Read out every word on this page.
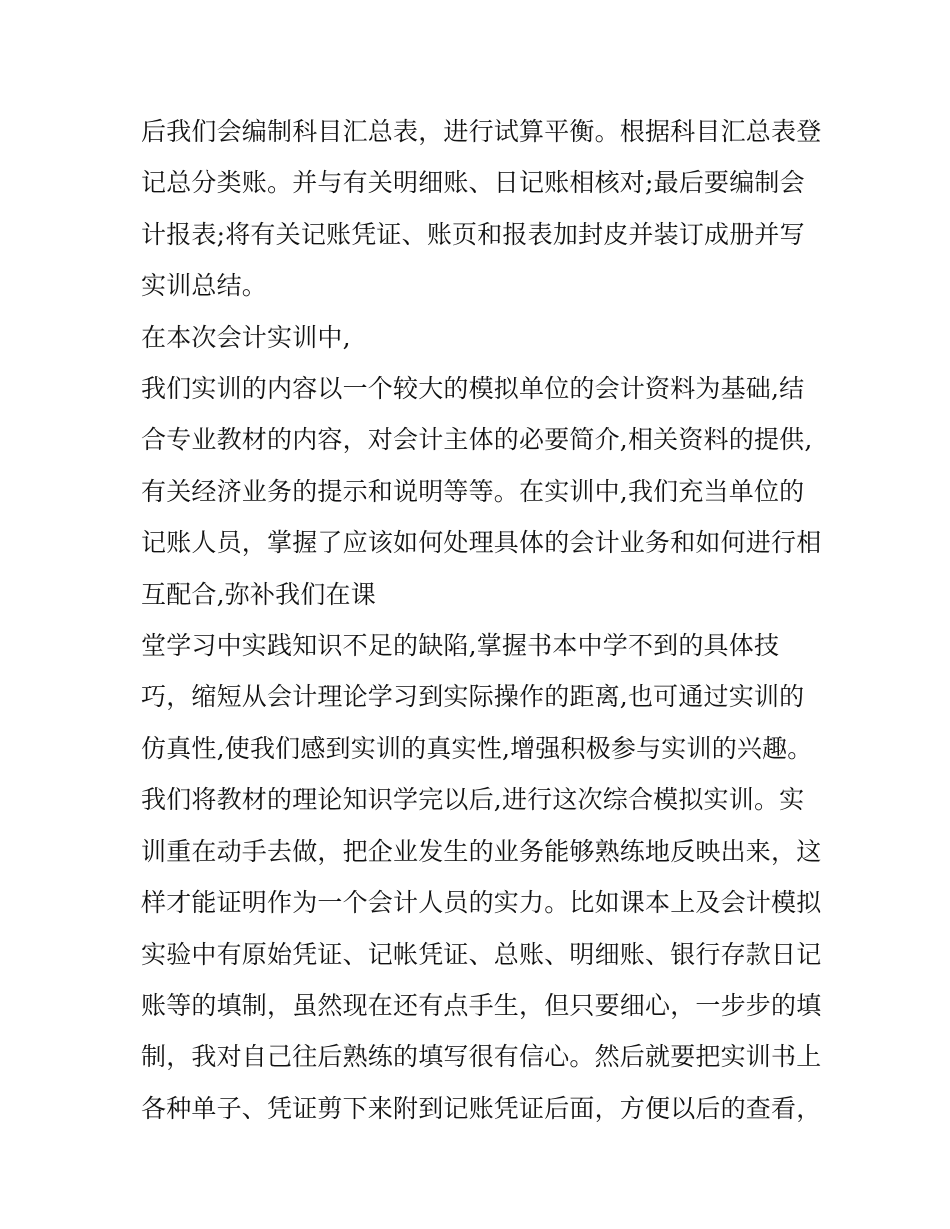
后我们会编制科目汇总表，进行试算平衡。根据科目汇总表登
记总分类账。并与有关明细账、日记账相核对;最后要编制会
计报表;将有关记账凭证、账页和报表加封皮并装订成册并写
实训总结。
在本次会计实训中,
我们实训的内容以一个较大的模拟单位的会计资料为基础,结
合专业教材的内容，对会计主体的必要简介,相关资料的提供,
有关经济业务的提示和说明等等。在实训中,我们充当单位的
记账人员，掌握了应该如何处理具体的会计业务和如何进行相
互配合,弥补我们在课
堂学习中实践知识不足的缺陷,掌握书本中学不到的具体技
巧，缩短从会计理论学习到实际操作的距离,也可通过实训的
仿真性,使我们感到实训的真实性,增强积极参与实训的兴趣。
我们将教材的理论知识学完以后,进行这次综合模拟实训。实
训重在动手去做，把企业发生的业务能够熟练地反映出来，这
样才能证明作为一个会计人员的实力。比如课本上及会计模拟
实验中有原始凭证、记帐凭证、总账、明细账、银行存款日记
账等的填制，虽然现在还有点手生，但只要细心，一步步的填
制，我对自己往后熟练的填写很有信心。然后就要把实训书上
各种单子、凭证剪下来附到记账凭证后面，方便以后的查看，
